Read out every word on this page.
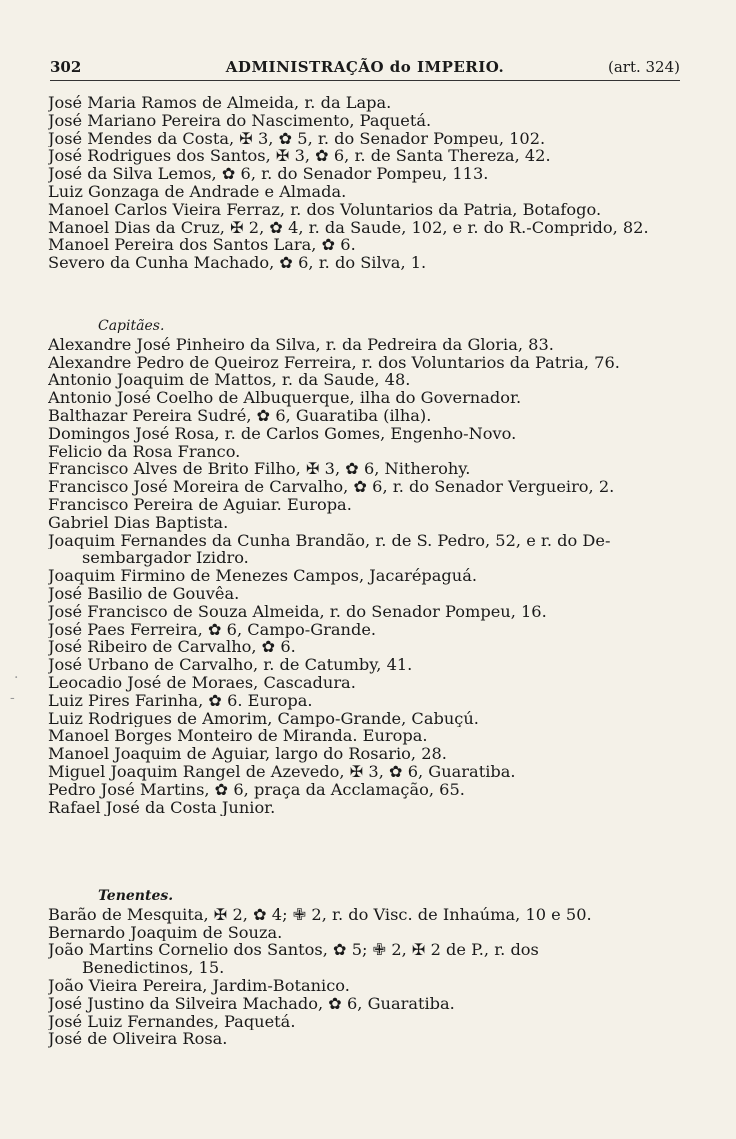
302	ADMINISTRAÇÃO do IMPERIO.	(art. 324)
José Maria Ramos de Almeida, r. da Lapa.
José Mariano Pereira do Nascimento, Paquetá.
José Mendes da Costa, ✠ 3, ✿ 5, r. do Senador Pompeu, 102.
José Rodrigues dos Santos, ✠ 3, ✿ 6, r. de Santa Thereza, 42.
José da Silva Lemos, ✿ 6, r. do Senador Pompeu, 113.
Luiz Gonzaga de Andrade e Almada.
Manoel Carlos Vieira Ferraz, r. dos Voluntarios da Patria, Botafogo.
Manoel Dias da Cruz, ✠ 2, ✿ 4, r. da Saude, 102, e r. do R.-Comprido, 82.
Manoel Pereira dos Santos Lara, ✿ 6.
Severo da Cunha Machado, ✿ 6, r. do Silva, 1.
Capitães.
Alexandre José Pinheiro da Silva, r. da Pedreira da Gloria, 83.
Alexandre Pedro de Queiroz Ferreira, r. dos Voluntarios da Patria, 76.
Antonio Joaquim de Mattos, r. da Saude, 48.
Antonio José Coelho de Albuquerque, ilha do Governador.
Balthazar Pereira Sudré, ✿ 6, Guaratiba (ilha).
Domingos José Rosa, r. de Carlos Gomes, Engenho-Novo.
Felicio da Rosa Franco.
Francisco Alves de Brito Filho, ✠ 3, ✿ 6, Nitherohy.
Francisco José Moreira de Carvalho, ✿ 6, r. do Senador Vergueiro, 2.
Francisco Pereira de Aguiar. Europa.
Gabriel Dias Baptista.
Joaquim Fernandes da Cunha Brandão, r. de S. Pedro, 52, e r. do De-
sembargador Izidro.
Joaquim Firmino de Menezes Campos, Jacarépaguá.
José Basilio de Gouvêa.
José Francisco de Souza Almeida, r. do Senador Pompeu, 16.
José Paes Ferreira, ✿ 6, Campo-Grande.
José Ribeiro de Carvalho, ✿ 6.
José Urbano de Carvalho, r. de Catumby, 41.
Leocadio José de Moraes, Cascadura.
Luiz Pires Farinha, ✿ 6. Europa.
Luiz Rodrigues de Amorim, Campo-Grande, Cabuçú.
Manoel Borges Monteiro de Miranda. Europa.
Manoel Joaquim de Aguiar, largo do Rosario, 28.
Miguel Joaquim Rangel de Azevedo, ✠ 3, ✿ 6, Guaratiba.
Pedro José Martins, ✿ 6, praça da Acclamação, 65.
Rafael José da Costa Junior.
Tenentes.
Barão de Mesquita, ✠ 2, ✿ 4; ✙ 2, r. do Visc. de Inhaúma, 10 e 50.
Bernardo Joaquim de Souza.
João Martins Cornelio dos Santos, ✿ 5; ✙ 2, ✠ 2 de P., r. dos
Benedictinos, 15.
João Vieira Pereira, Jardim-Botanico.
José Justino da Silveira Machado, ✿ 6, Guaratiba.
José Luiz Fernandes, Paquetá.
José de Oliveira Rosa.
-
·
